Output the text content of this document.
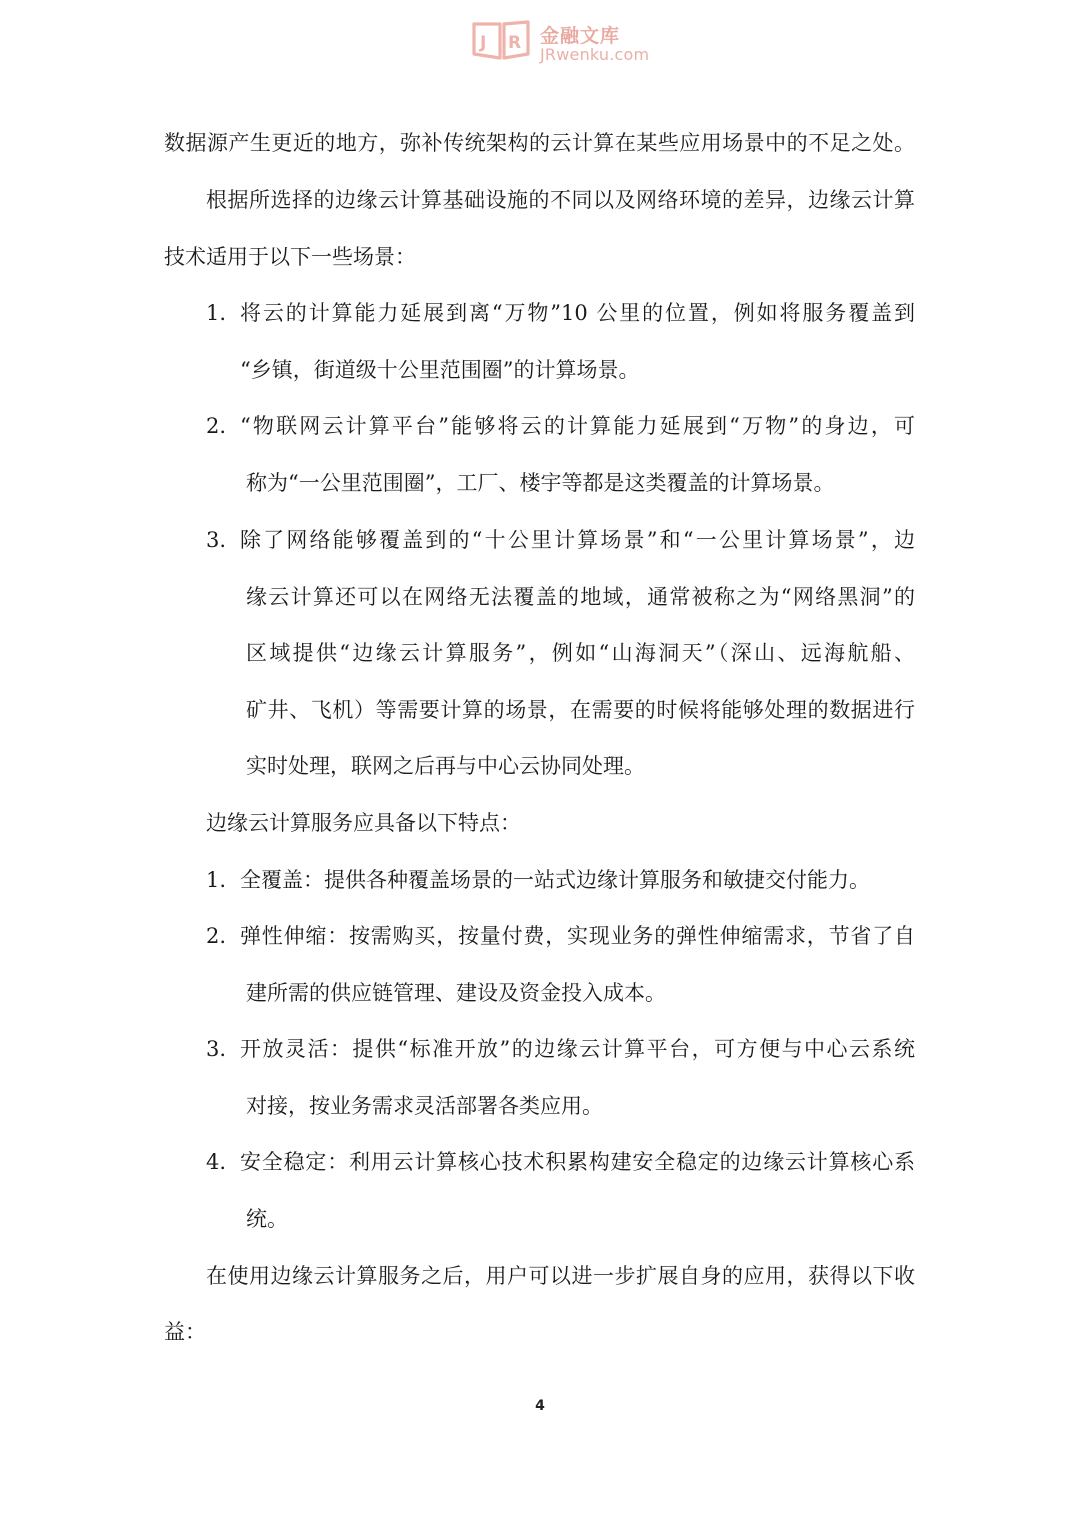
J R 金融文库
JRwenku.com
数据源产生更近的地方，弥补传统架构的云计算在某些应用场景中的不足之处。
根据所选择的边缘云计算基础设施的不同以及网络环境的差异，边缘云计算
技术适用于以下一些场景：
1. 将云的计算能力延展到离“万物”10 公里的位置，例如将服务覆盖到
“乡镇，街道级十公里范围圈”的计算场景。
2. “物联网云计算平台”能够将云的计算能力延展到“万物”的身边，可
称为“一公里范围圈”，工厂、楼宇等都是这类覆盖的计算场景。
3. 除了网络能够覆盖到的“十公里计算场景”和“一公里计算场景”，边
缘云计算还可以在网络无法覆盖的地域，通常被称之为“网络黑洞”的
区域提供“边缘云计算服务”，例如“山海洞天”（深山、远海航船、
矿井、飞机）等需要计算的场景，在需要的时候将能够处理的数据进行
实时处理，联网之后再与中心云协同处理。
边缘云计算服务应具备以下特点：
1. 全覆盖：提供各种覆盖场景的一站式边缘计算服务和敏捷交付能力。
2. 弹性伸缩：按需购买，按量付费，实现业务的弹性伸缩需求，节省了自
建所需的供应链管理、建设及资金投入成本。
3. 开放灵活：提供“标准开放”的边缘云计算平台，可方便与中心云系统
对接，按业务需求灵活部署各类应用。
4. 安全稳定：利用云计算核心技术积累构建安全稳定的边缘云计算核心系
统。
在使用边缘云计算服务之后，用户可以进一步扩展自身的应用，获得以下收
益：
4
